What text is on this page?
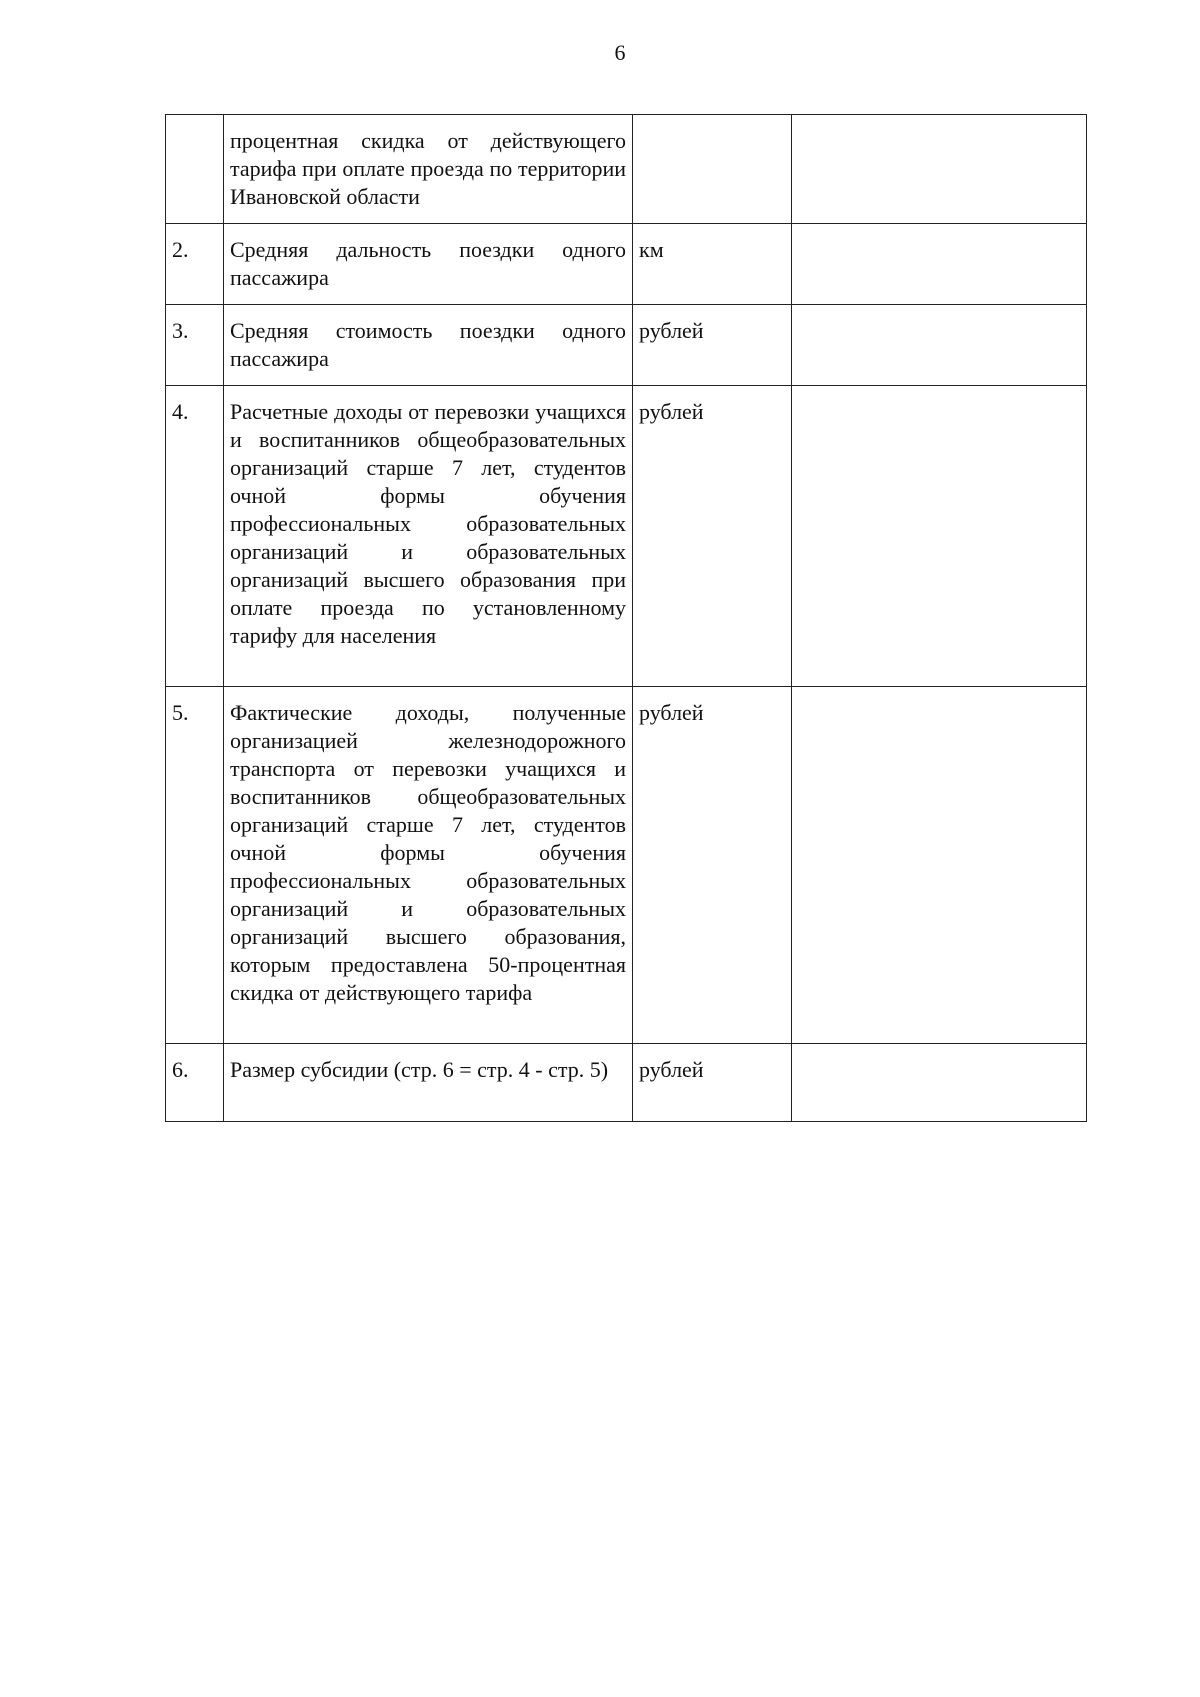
6
	процентная скидка от действующего тарифа при оплате проезда по территории Ивановской области		
2.	Средняя дальность поездки одного пассажира	км	
3.	Средняя стоимость поездки одного пассажира	рублей	
4.	Расчетные доходы от перевозки учащихся и воспитанников общеобразовательных организаций старше 7 лет, студентов очной формы обучения профессиональных образовательных организаций и образовательных организаций высшего образования при оплате проезда по установленному тарифу для населения	рублей	
5.	Фактические доходы, полученные организацией железнодорожного транспорта от перевозки учащихся и воспитанников общеобразовательных организаций старше 7 лет, студентов очной формы обучения профессиональных образовательных организаций и образовательных организаций высшего образования, которым предоставлена 50-процентная скидка от действующего тарифа	рублей	
6.	Размер субсидии (стр. 6 = стр. 4 - стр. 5)	рублей	
